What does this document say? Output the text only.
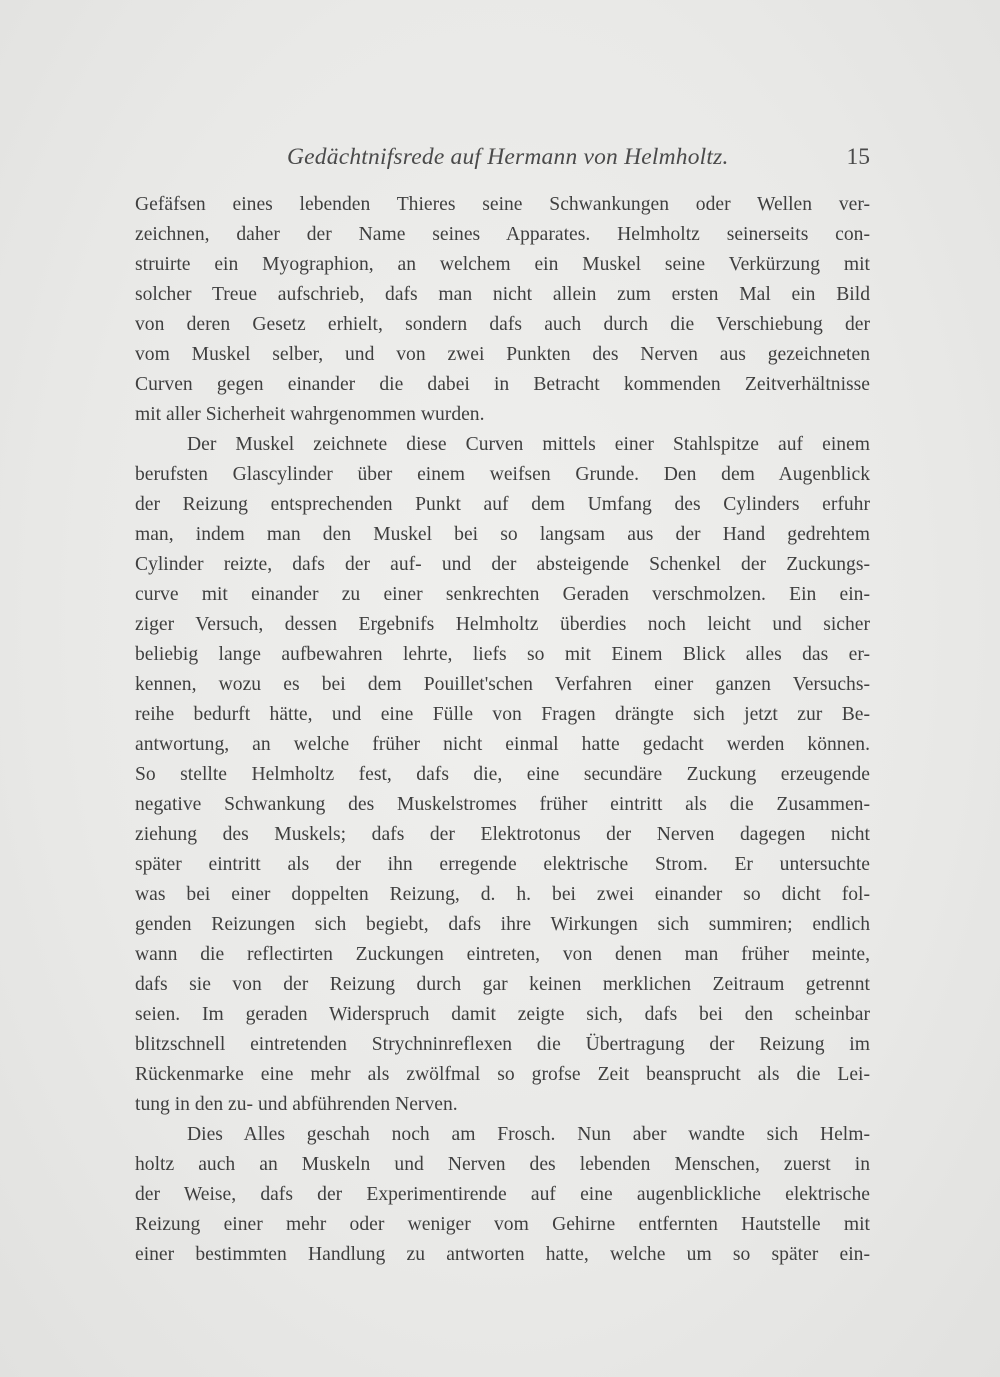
Gedächtnifsrede auf Hermann von Helmholtz.	15
Gefäfsen eines lebenden Thieres seine Schwankungen oder Wellen ver-
zeichnen, daher der Name seines Apparates. Helmholtz seinerseits con-
struirte ein Myographion, an welchem ein Muskel seine Verkürzung mit
solcher Treue aufschrieb, dafs man nicht allein zum ersten Mal ein Bild
von deren Gesetz erhielt, sondern dafs auch durch die Verschiebung der
vom Muskel selber, und von zwei Punkten des Nerven aus gezeichneten
Curven gegen einander die dabei in Betracht kommenden Zeitverhältnisse
mit aller Sicherheit wahrgenommen wurden.
Der Muskel zeichnete diese Curven mittels einer Stahlspitze auf einem
berufsten Glascylinder über einem weifsen Grunde. Den dem Augenblick
der Reizung entsprechenden Punkt auf dem Umfang des Cylinders erfuhr
man, indem man den Muskel bei so langsam aus der Hand gedrehtem
Cylinder reizte, dafs der auf- und der absteigende Schenkel der Zuckungs-
curve mit einander zu einer senkrechten Geraden verschmolzen. Ein ein-
ziger Versuch, dessen Ergebnifs Helmholtz überdies noch leicht und sicher
beliebig lange aufbewahren lehrte, liefs so mit Einem Blick alles das er-
kennen, wozu es bei dem Pouillet'schen Verfahren einer ganzen Versuchs-
reihe bedurft hätte, und eine Fülle von Fragen drängte sich jetzt zur Be-
antwortung, an welche früher nicht einmal hatte gedacht werden können.
So stellte Helmholtz fest, dafs die, eine secundäre Zuckung erzeugende
negative Schwankung des Muskelstromes früher eintritt als die Zusammen-
ziehung des Muskels; dafs der Elektrotonus der Nerven dagegen nicht
später eintritt als der ihn erregende elektrische Strom. Er untersuchte
was bei einer doppelten Reizung, d. h. bei zwei einander so dicht fol-
genden Reizungen sich begiebt, dafs ihre Wirkungen sich summiren; endlich
wann die reflectirten Zuckungen eintreten, von denen man früher meinte,
dafs sie von der Reizung durch gar keinen merklichen Zeitraum getrennt
seien. Im geraden Widerspruch damit zeigte sich, dafs bei den scheinbar
blitzschnell eintretenden Strychninreflexen die Übertragung der Reizung im
Rückenmarke eine mehr als zwölfmal so grofse Zeit beansprucht als die Lei-
tung in den zu- und abführenden Nerven.
Dies Alles geschah noch am Frosch. Nun aber wandte sich Helm-
holtz auch an Muskeln und Nerven des lebenden Menschen, zuerst in
der Weise, dafs der Experimentirende auf eine augenblickliche elektrische
Reizung einer mehr oder weniger vom Gehirne entfernten Hautstelle mit
einer bestimmten Handlung zu antworten hatte, welche um so später ein-
